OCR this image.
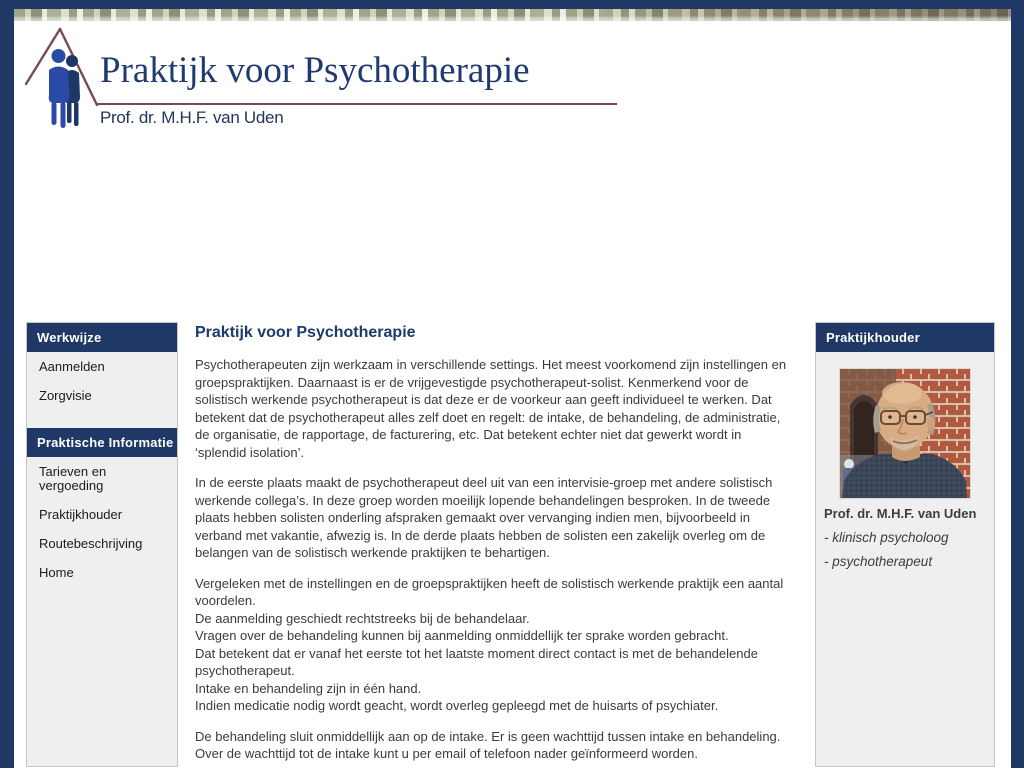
Praktijk voor Psychotherapie
Prof. dr. M.H.F. van Uden
Werkwijze
Aanmelden
Zorgvisie
Praktische Informatie
Tarieven en vergoeding
Praktijkhouder
Routebeschrijving
Home
Praktijk voor Psychotherapie

Psychotherapeuten zijn werkzaam in verschillende settings. Het meest voorkomend zijn instellingen en groepspraktijken. Daarnaast is er de vrijgevestigde psychotherapeut-solist. Kenmerkend voor de solistisch werkende psychotherapeut is dat deze er de voorkeur aan geeft individueel te werken. Dat betekent dat de psychotherapeut alles zelf doet en regelt: de intake, de behandeling, de administratie, de organisatie, de rapportage, de facturering, etc. Dat betekent echter niet dat gewerkt wordt in ‘splendid isolation’.

In de eerste plaats maakt de psychotherapeut deel uit van een intervisie-groep met andere solistisch werkende collega’s. In deze groep worden moeilijk lopende behandelingen besproken. In de tweede plaats hebben solisten onderling afspraken gemaakt over vervanging indien men, bijvoorbeeld in verband met vakantie, afwezig is. In de derde plaats hebben de solisten een zakelijk overleg om de belangen van de solistisch werkende praktijken te behartigen.

Vergeleken met de instellingen en de groepspraktijken heeft de solistisch werkende praktijk een aantal voordelen.
De aanmelding geschiedt rechtstreeks bij de behandelaar.
Vragen over de behandeling kunnen bij aanmelding onmiddellijk ter sprake worden gebracht.
Dat betekent dat er vanaf het eerste tot het laatste moment direct contact is met de behandelende psychotherapeut.
Intake en behandeling zijn in één hand.
Indien medicatie nodig wordt geacht, wordt overleg gepleegd met de huisarts of psychiater.

De behandeling sluit onmiddellijk aan op de intake. Er is geen wachttijd tussen intake en behandeling. Over de wachttijd tot de intake kunt u per email of telefoon nader geïnformeerd worden.

Praktijkhouder
Prof. dr. M.H.F. van Uden
- klinisch psycholoog
- psychotherapeut
